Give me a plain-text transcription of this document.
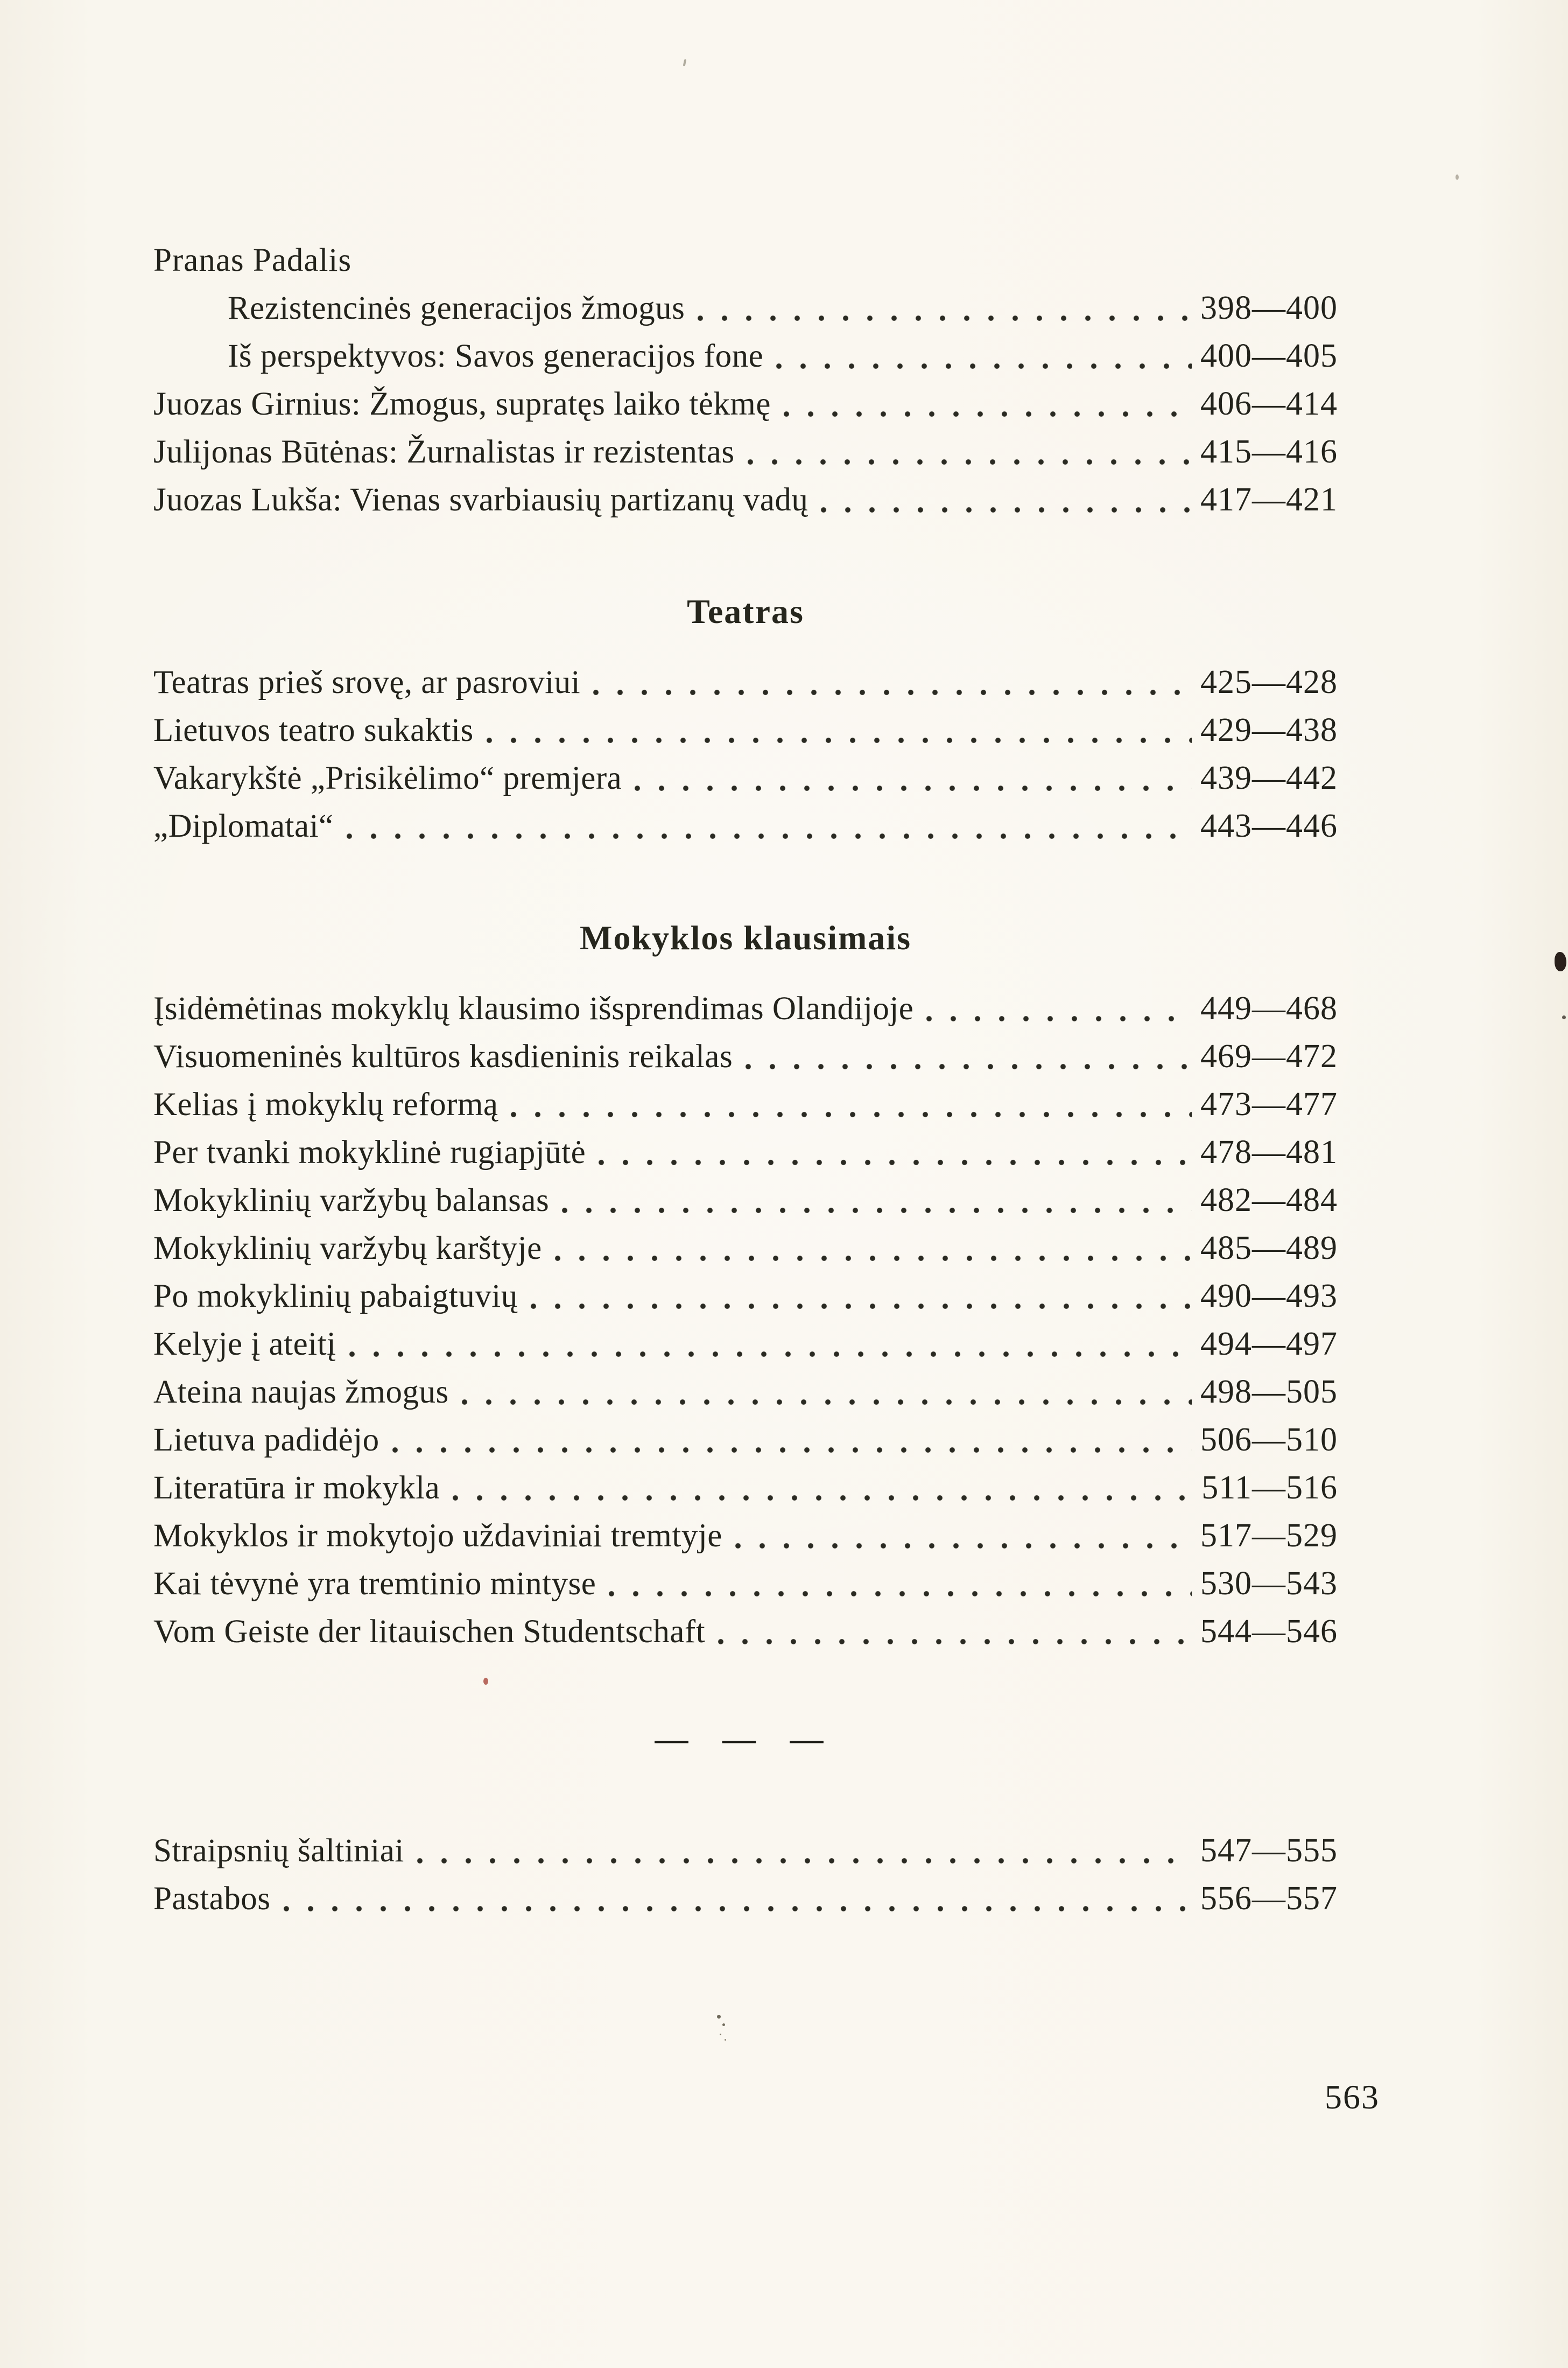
Pranas Padalis
Rezistencinės generacijos žmogus	398—400
Iš perspektyvos: Savos generacijos fone	400—405
Juozas Girnius: Žmogus, supratęs laiko tėkmę	406—414
Julijonas Būtėnas: Žurnalistas ir rezistentas	415—416
Juozas Lukša: Vienas svarbiausių partizanų vadų	417—421
Teatras
Teatras prieš srovę, ar pasroviui	425—428
Lietuvos teatro sukaktis	429—438
Vakarykštė „Prisikėlimo“ premjera	439—442
„Diplomatai“	443—446
Mokyklos klausimais
Įsidėmėtinas mokyklų klausimo išsprendimas Olandijoje	449—468
Visuomeninės kultūros kasdieninis reikalas	469—472
Kelias į mokyklų reformą	473—477
Per tvanki mokyklinė rugiapjūtė	478—481
Mokyklinių varžybų balansas	482—484
Mokyklinių varžybų karštyje	485—489
Po mokyklinių pabaigtuvių	490—493
Kelyje į ateitį	494—497
Ateina naujas žmogus	498—505
Lietuva padidėjo	506—510
Literatūra ir mokykla	511—516
Mokyklos ir mokytojo uždaviniai tremtyje	517—529
Kai tėvynė yra tremtinio mintyse	530—543
Vom Geiste der litauischen Studentschaft	544—546
— — —
Straipsnių šaltiniai	547—555
Pastabos	556—557
563
